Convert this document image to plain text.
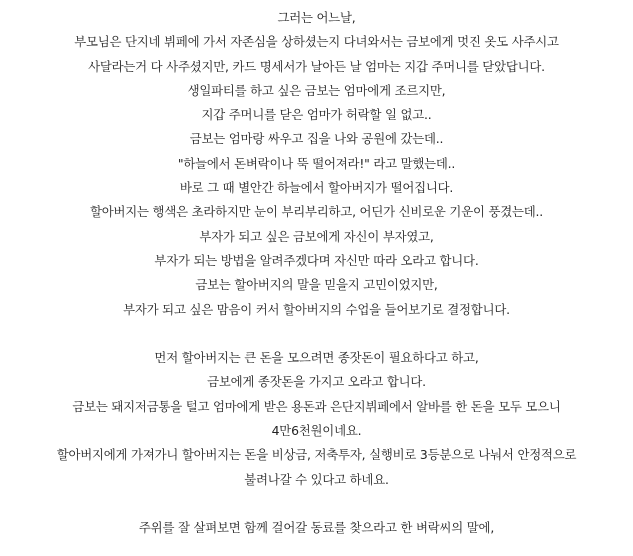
그러는 어느날,
부모님은 단지네 뷔페에 가서 자존심을 상하셨는지 다녀와서는 금보에게 멋진 옷도 사주시고
사달라는거 다 사주셨지만, 카드 명세서가 날아든 날 엄마는 지갑 주머니를 닫았답니다.
생일파티를 하고 싶은 금보는 엄마에게 조르지만,
지갑 주머니를 닫은 엄마가 허락할 일 없고..
금보는 엄마랑 싸우고 집을 나와 공원에 갔는데..
"하늘에서 돈벼락이나 뚝 떨어져라!" 라고 말했는데..
바로 그 때 별안간 하늘에서 할아버지가 떨어집니다.
할아버지는 행색은 초라하지만 눈이 부리부리하고, 어딘가 신비로운 기운이 풍겼는데..
부자가 되고 싶은 금보에게 자신이 부자였고,
부자가 되는 방법을 알려주겠다며 자신만 따라 오라고 합니다.
금보는 할아버지의 말을 믿을지 고민이었지만,
부자가 되고 싶은 맘음이 커서 할아버지의 수업을 들어보기로 결정합니다.
먼저 할아버지는 큰 돈을 모으려면 종잣돈이 필요하다고 하고,
금보에게 종잣돈을 가지고 오라고 합니다.
금보는 돼지저금통을 털고 엄마에게 받은 용돈과 은단지뷔페에서 알바를 한 돈을 모두 모으니
4만6천원이네요.
할아버지에게 가져가니 할아버지는 돈을 비상금, 저축투자, 실행비로 3등분으로 나눠서 안정적으로
불려나갈 수 있다고 하네요.
주위를 잘 살펴보면 함께 걸어갈 동료를 찾으라고 한 벼락씨의 말에,
